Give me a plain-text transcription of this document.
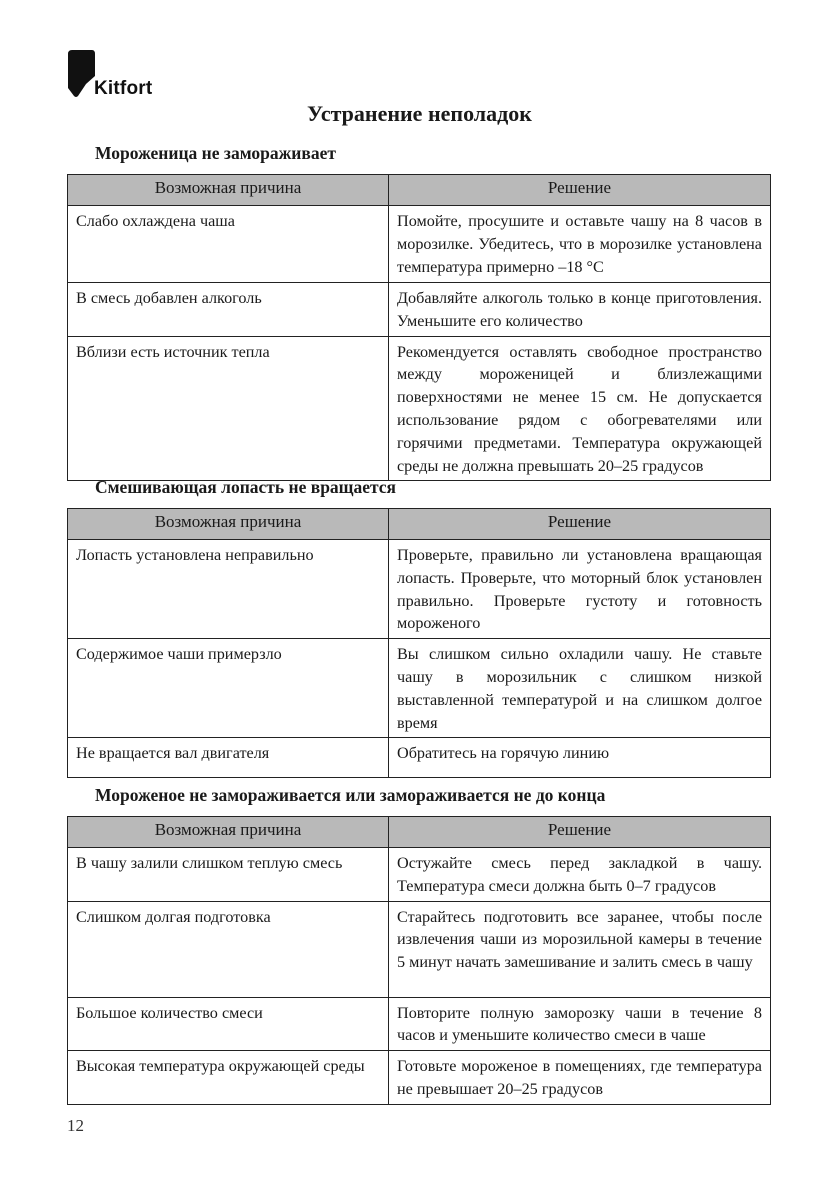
Kitfort
Устранение неполадок
Мороженица не замораживает
Возможная причина	Решение
Слабо охлаждена чаша	Помойте, просушите и оставьте чашу на 8 часов в морозилке. Убедитесь, что в морозилке установлена температура примерно –18 °C
В смесь добавлен алкоголь	Добавляйте алкоголь только в конце приготовления. Уменьшите его количество
Вблизи есть источник тепла	Рекомендуется оставлять свободное пространство между мороженицей и близлежащими поверхностями не менее 15 см. Не допускается использование рядом с обогревателями или горячими предметами. Температура окружающей среды не должна превышать 20–25 градусов
Смешивающая лопасть не вращается
Возможная причина	Решение
Лопасть установлена неправильно	Проверьте, правильно ли установлена вращающая лопасть. Проверьте, что моторный блок установлен правильно. Проверьте густоту и готовность мороженого
Содержимое чаши примерзло	Вы слишком сильно охладили чашу. Не ставьте чашу в морозильник с слишком низкой выставленной температурой и на слишком долгое время
Не вращается вал двигателя	Обратитесь на горячую линию
Мороженое не замораживается или замораживается не до конца
Возможная причина	Решение
В чашу залили слишком теплую смесь	Остужайте смесь перед закладкой в чашу. Температура смеси должна быть 0–7 градусов
Слишком долгая подготовка	Старайтесь подготовить все заранее, чтобы после извлечения чаши из морозильной камеры в течение 5 минут начать замешивание и залить смесь в чашу
Большое количество смеси	Повторите полную заморозку чаши в течение 8 часов и уменьшите количество смеси в чаше
Высокая температура окружающей среды	Готовьте мороженое в помещениях, где температура не превышает 20–25 градусов
12
